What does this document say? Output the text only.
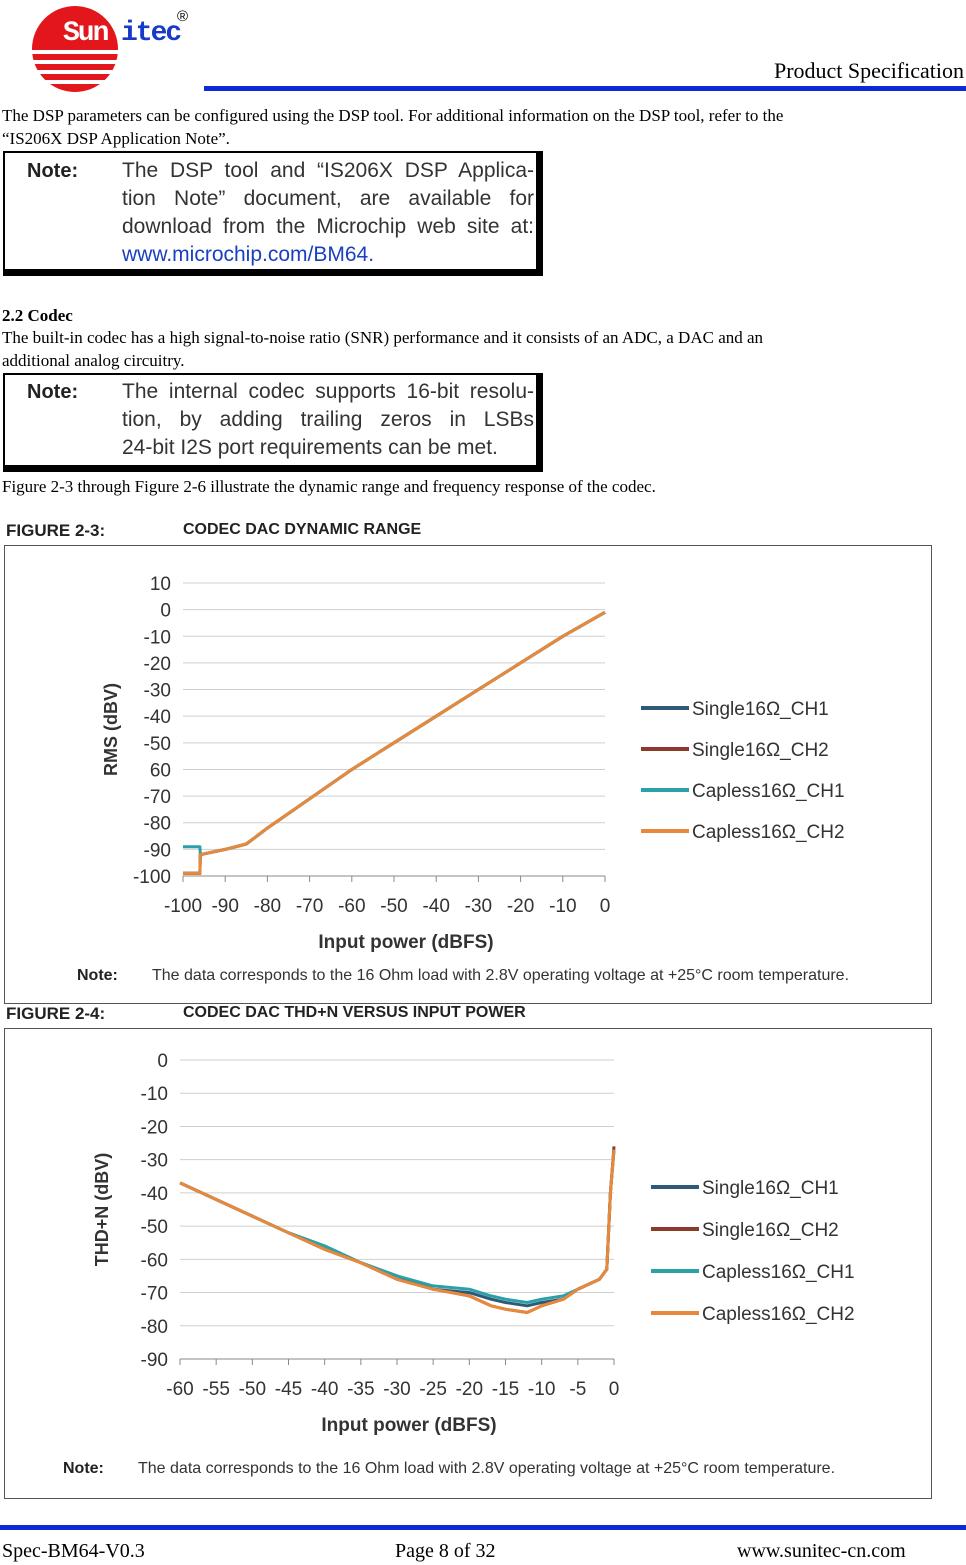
Sun itec
®
Product Specification
The DSP parameters can be configured using the DSP tool. For additional information on the DSP tool, refer to the
“IS206X DSP Application Note”.
Note: The DSP tool and “IS206X DSP Applica-
tion Note” document, are available for
download from the Microchip web site at:
www.microchip.com/BM64.
2.2 Codec
The built-in codec has a high signal-to-noise ratio (SNR) performance and it consists of an ADC, a DAC and an
additional analog circuitry.
Note: The internal codec supports 16-bit resolu-
tion, by adding trailing zeros in LSBs
24-bit I2S port requirements can be met.
Figure 2-3 through Figure 2-6 illustrate the dynamic range and frequency response of the codec.
FIGURE 2-3:	CODEC DAC DYNAMIC RANGE
10
0
-10
-20
-30
-40
-50
60
-70
-80
-90
-100
-100 -90 -80 -70 -60 -50 -40 -30 -20 -10 0
Input power (dBFS)
RMS (dBV)	Single16Ω_CH1
Single16Ω_CH2
Capless16Ω_CH1
Capless16Ω_CH2
Note: The data corresponds to the 16 Ohm load with 2.8V operating voltage at +25°C room temperature.
FIGURE 2-4:	CODEC DAC THD+N VERSUS INPUT POWER
0
-10
-20
-30
-40
-50
-60
-70
-80
-90
-60 -55 -50 -45 -40 -35 -30 -25 -20 -15 -10 -5 0
Input power (dBFS)
THD+N (dBV)	Single16Ω_CH1
Single16Ω_CH2
Capless16Ω_CH1
Capless16Ω_CH2
Note: The data corresponds to the 16 Ohm load with 2.8V operating voltage at +25°C room temperature.
Spec-BM64-V0.3	Page 8 of 32	www.sunitec-cn.com
